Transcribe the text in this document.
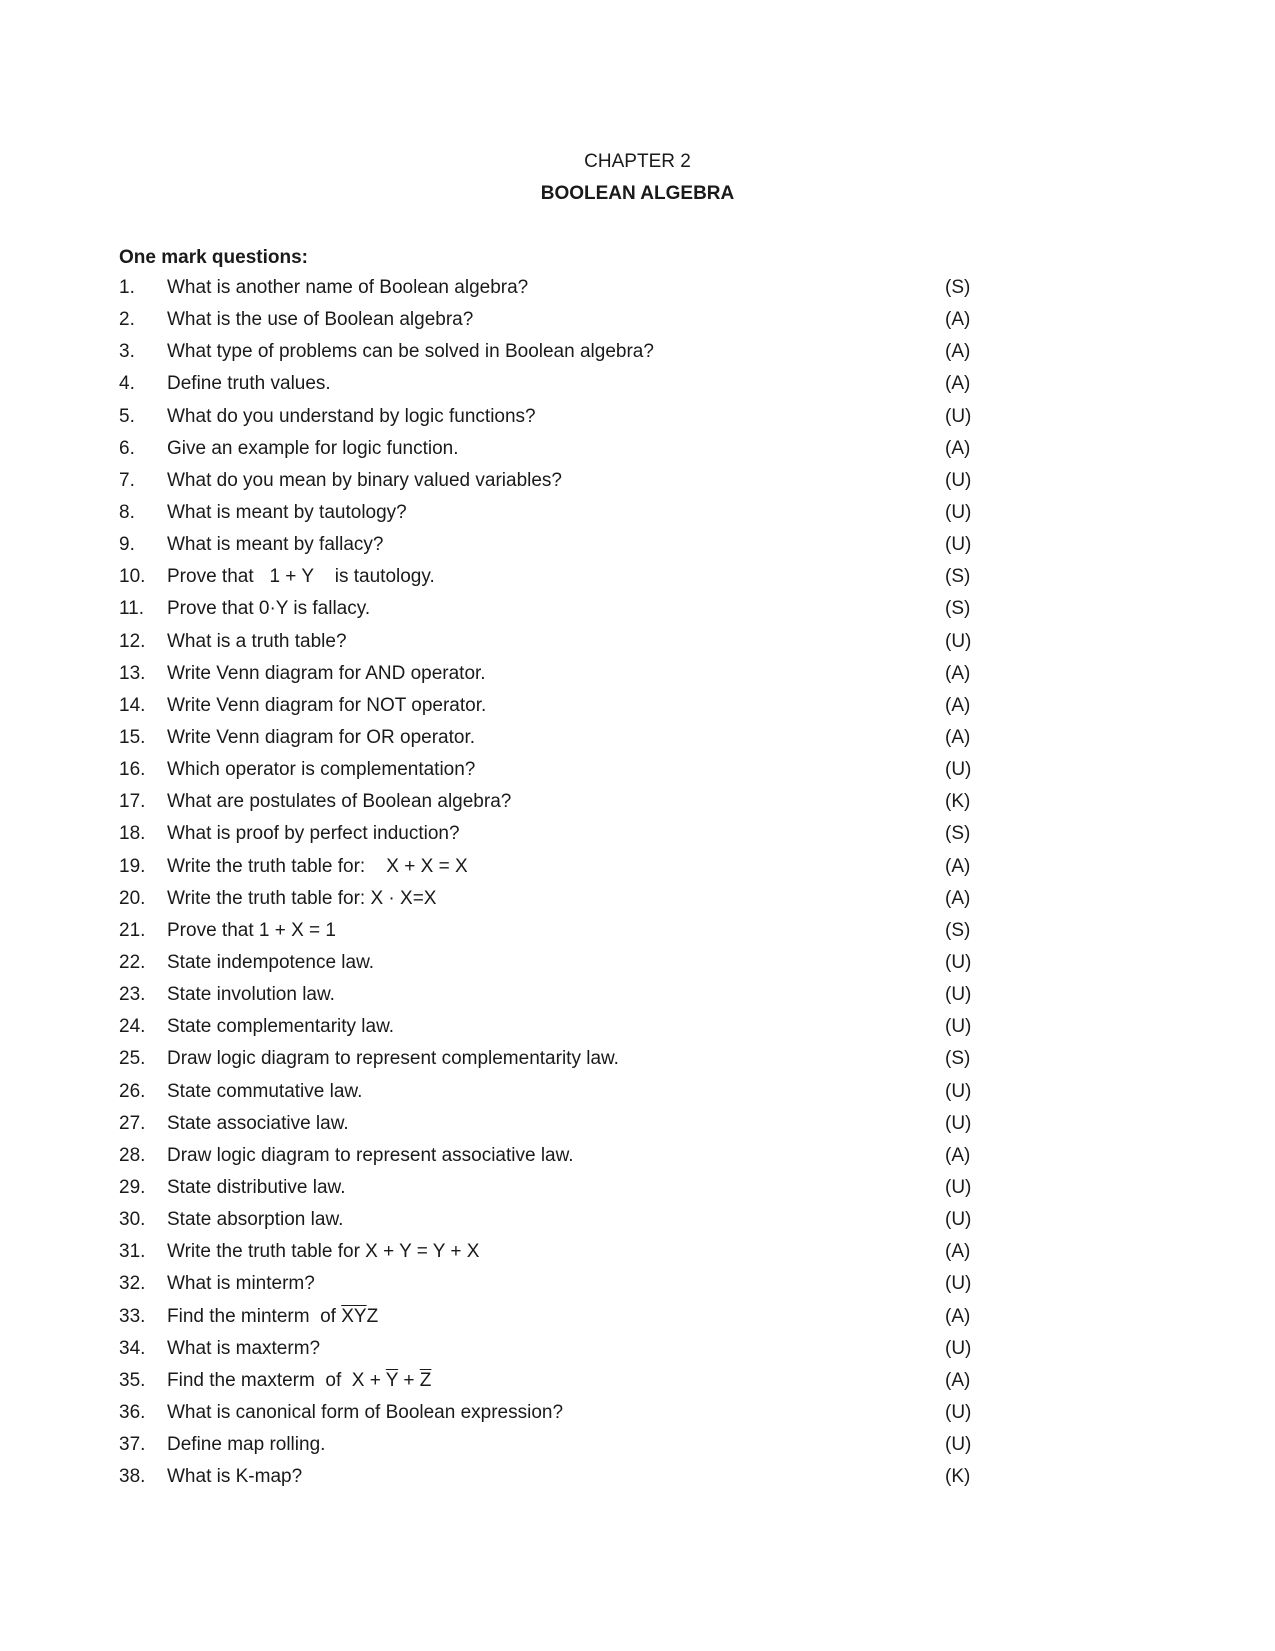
CHAPTER 2
BOOLEAN ALGEBRA
One mark questions:
1. What is another name of Boolean algebra?	(S)
2. What is the use of Boolean algebra?	(A)
3. What type of problems can be solved in Boolean algebra?	(A)
4. Define truth values.	(A)
5. What do you understand by logic functions?	(U)
6. Give an example for logic function.	(A)
7. What do you mean by binary valued variables?	(U)
8. What is meant by tautology?	(U)
9. What is meant by fallacy?	(U)
10. Prove that   1 + Y    is tautology.	(S)
11. Prove that 0·Y is fallacy.	(S)
12. What is a truth table?	(U)
13. Write Venn diagram for AND operator.	(A)
14. Write Venn diagram for NOT operator.	(A)
15. Write Venn diagram for OR operator.	(A)
16. Which operator is complementation?	(U)
17. What are postulates of Boolean algebra?	(K)
18. What is proof by perfect induction?	(S)
19. Write the truth table for:    X + X = X	(A)
20. Write the truth table for: X · X=X	(A)
21. Prove that 1 + X = 1	(S)
22. State indempotence law.	(U)
23. State involution law.	(U)
24. State complementarity law.	(U)
25. Draw logic diagram to represent complementarity law.	(S)
26. State commutative law.	(U)
27. State associative law.	(U)
28. Draw logic diagram to represent associative law.	(A)
29. State distributive law.	(U)
30. State absorption law.	(U)
31. Write the truth table for X + Y = Y + X	(A)
32. What is minterm?	(U)
33. Find the minterm  of $\overline{X}\overline{Y}Z$	(A)
34. What is maxterm?	(U)
35. Find the maxterm  of  $X + \overline{Y} + \overline{Z}$	(A)
36. What is canonical form of Boolean expression?	(U)
37. Define map rolling.	(U)
38. What is K-map?	(K)
